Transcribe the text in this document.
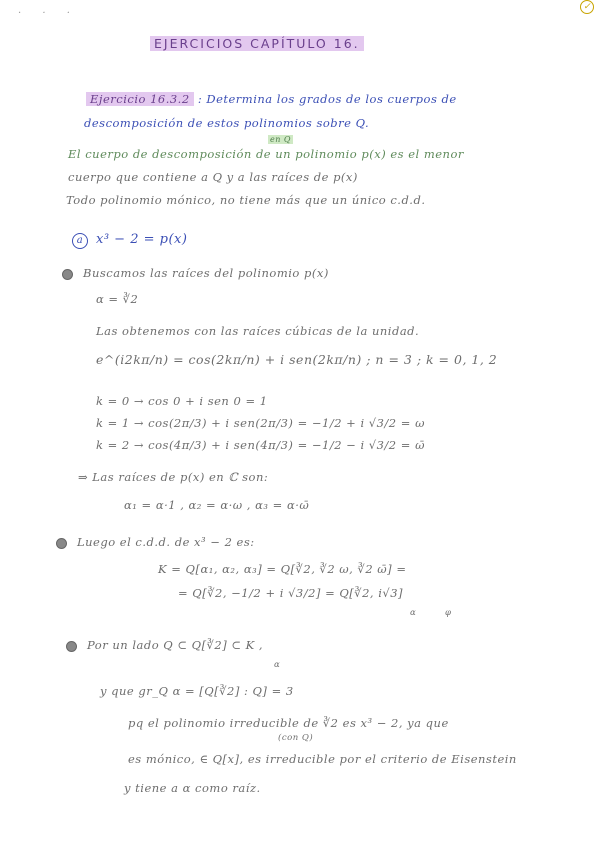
· · ·
✓
EJERCICIOS CAPÍTULO 16.
Ejercicio 16.3.2 : Determina los grados de los cuerpos de
descomposición de estos polinomios sobre Q.
en Q
El cuerpo de descomposición de un polinomio p(x) es el menor
cuerpo que contiene a Q y a las raíces de p(x)
Todo polinomio mónico, no tiene más que un único c.d.d.
a x³ − 2 = p(x)
Buscamos las raíces del polinomio p(x)
α = ∛2
Las obtenemos con las raíces cúbicas de la unidad.
e^(i2kπ/n) = cos(2kπ/n) + i sen(2kπ/n) ; n = 3 ; k = 0, 1, 2
k = 0 → cos 0 + i sen 0 = 1
k = 1 → cos(2π/3) + i sen(2π/3) = −1/2 + i √3/2 = ω
k = 2 → cos(4π/3) + i sen(4π/3) = −1/2 − i √3/2 = ω̄
⇒ Las raíces de p(x) en ℂ son:
α₁ = α·1 , α₂ = α·ω , α₃ = α·ω̄
Luego el c.d.d. de x³ − 2 es:
K = Q[α₁, α₂, α₃] = Q[∛2, ∛2 ω, ∛2 ω̄] =
= Q[∛2, −1/2 + i √3/2] = Q[∛2, i√3]
α	φ
Por un lado Q ⊂ Q[∛2] ⊂ K ,
α
y que gr_Q α = [Q[∛2] : Q] = 3
pq el polinomio irreducible de ∛2 es x³ − 2, ya que
(con Q)
es mónico, ∈ Q[x], es irreducible por el criterio de Eisenstein
y tiene a α como raíz.
